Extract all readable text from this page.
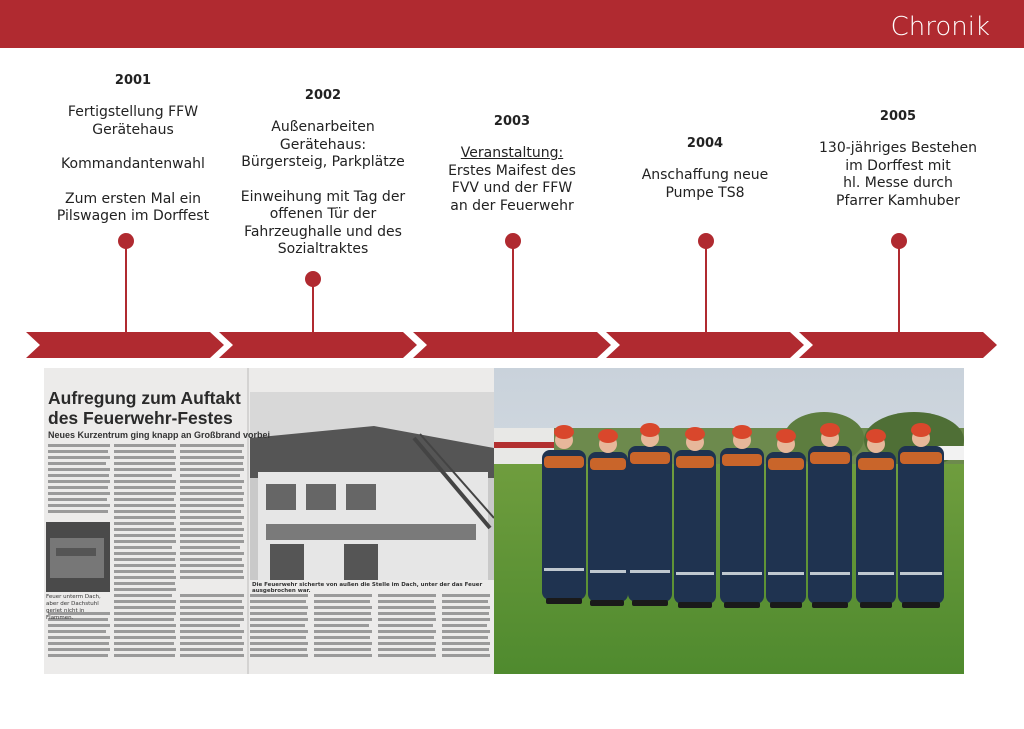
Chronik
2001
Fertigstellung FFW
Gerätehaus
Kommandantenwahl
Zum ersten Mal ein
Pilswagen im Dorffest
2002
Außenarbeiten
Gerätehaus:
Bürgersteig, Parkplätze
Einweihung mit Tag der
offenen Tür der
Fahrzeughalle und des
Sozialtraktes
2003
Veranstaltung:
Erstes Maifest des
FVV und der FFW
an der Feuerwehr
2004
Anschaffung neue
Pumpe TS8
2005
130-jähriges Bestehen
im Dorffest mit
hl. Messe durch
Pfarrer Kamhuber
Aufregung zum Auftakt
des Feuerwehr-Festes
Neues Kurzentrum ging knapp an Großbrand vorbei
Die Feuerwehr sicherte von außen die Stelle im Dach, unter der das Feuer ausgebrochen war.
Feuer unterm Dach, aber der Dachstuhl geriet nicht in Flammen.
